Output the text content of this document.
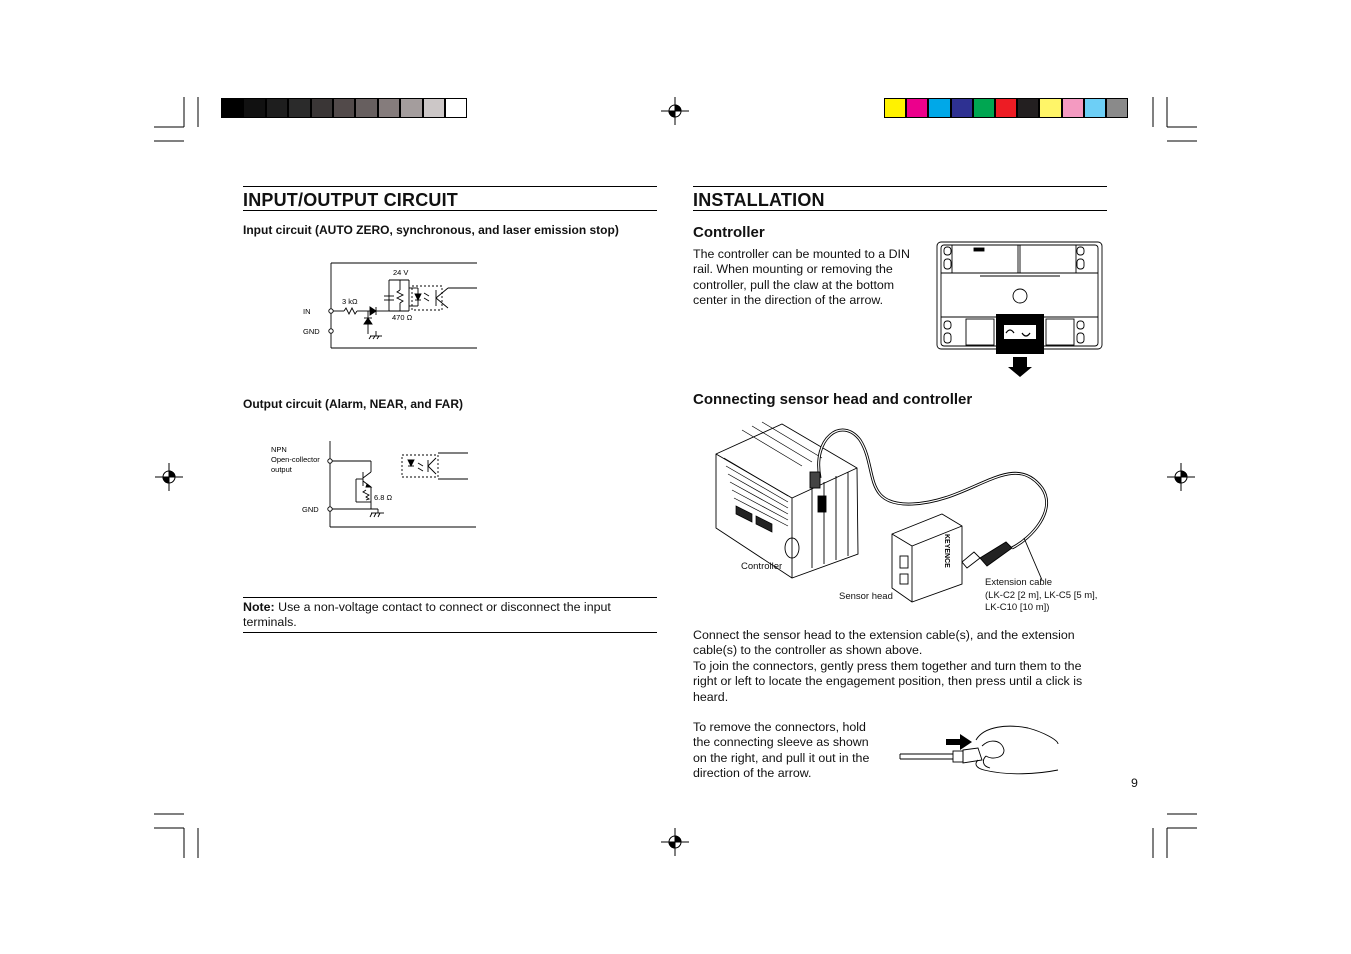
INPUT/OUTPUT CIRCUIT
Input circuit (AUTO ZERO, synchronous, and laser emission stop)
24 V
3 kΩ
470 Ω
IN
GND
Output circuit (Alarm, NEAR, and FAR)
NPN
Open-collector
output
6.8 Ω
GND
Note: Use a non-voltage contact to connect or disconnect the input terminals.
INSTALLATION
Controller
The controller can be mounted to a DIN rail. When mounting or removing the controller, pull the claw at the bottom center in the direction of the arrow.
Connecting sensor head and controller
KEYENCE
Controller
Sensor head
Extension cable
(LK-C2 [2 m], LK-C5 [5 m],
LK-C10 [10 m])
Connect the sensor head to the extension cable(s), and the extension cable(s) to the controller as shown above.
To join the connectors, gently press them together and turn them to the right or left to locate the engagement position, then press until a click is heard.
To remove the connectors, hold the connecting sleeve as shown on the right, and pull it out in the direction of the arrow.
9
